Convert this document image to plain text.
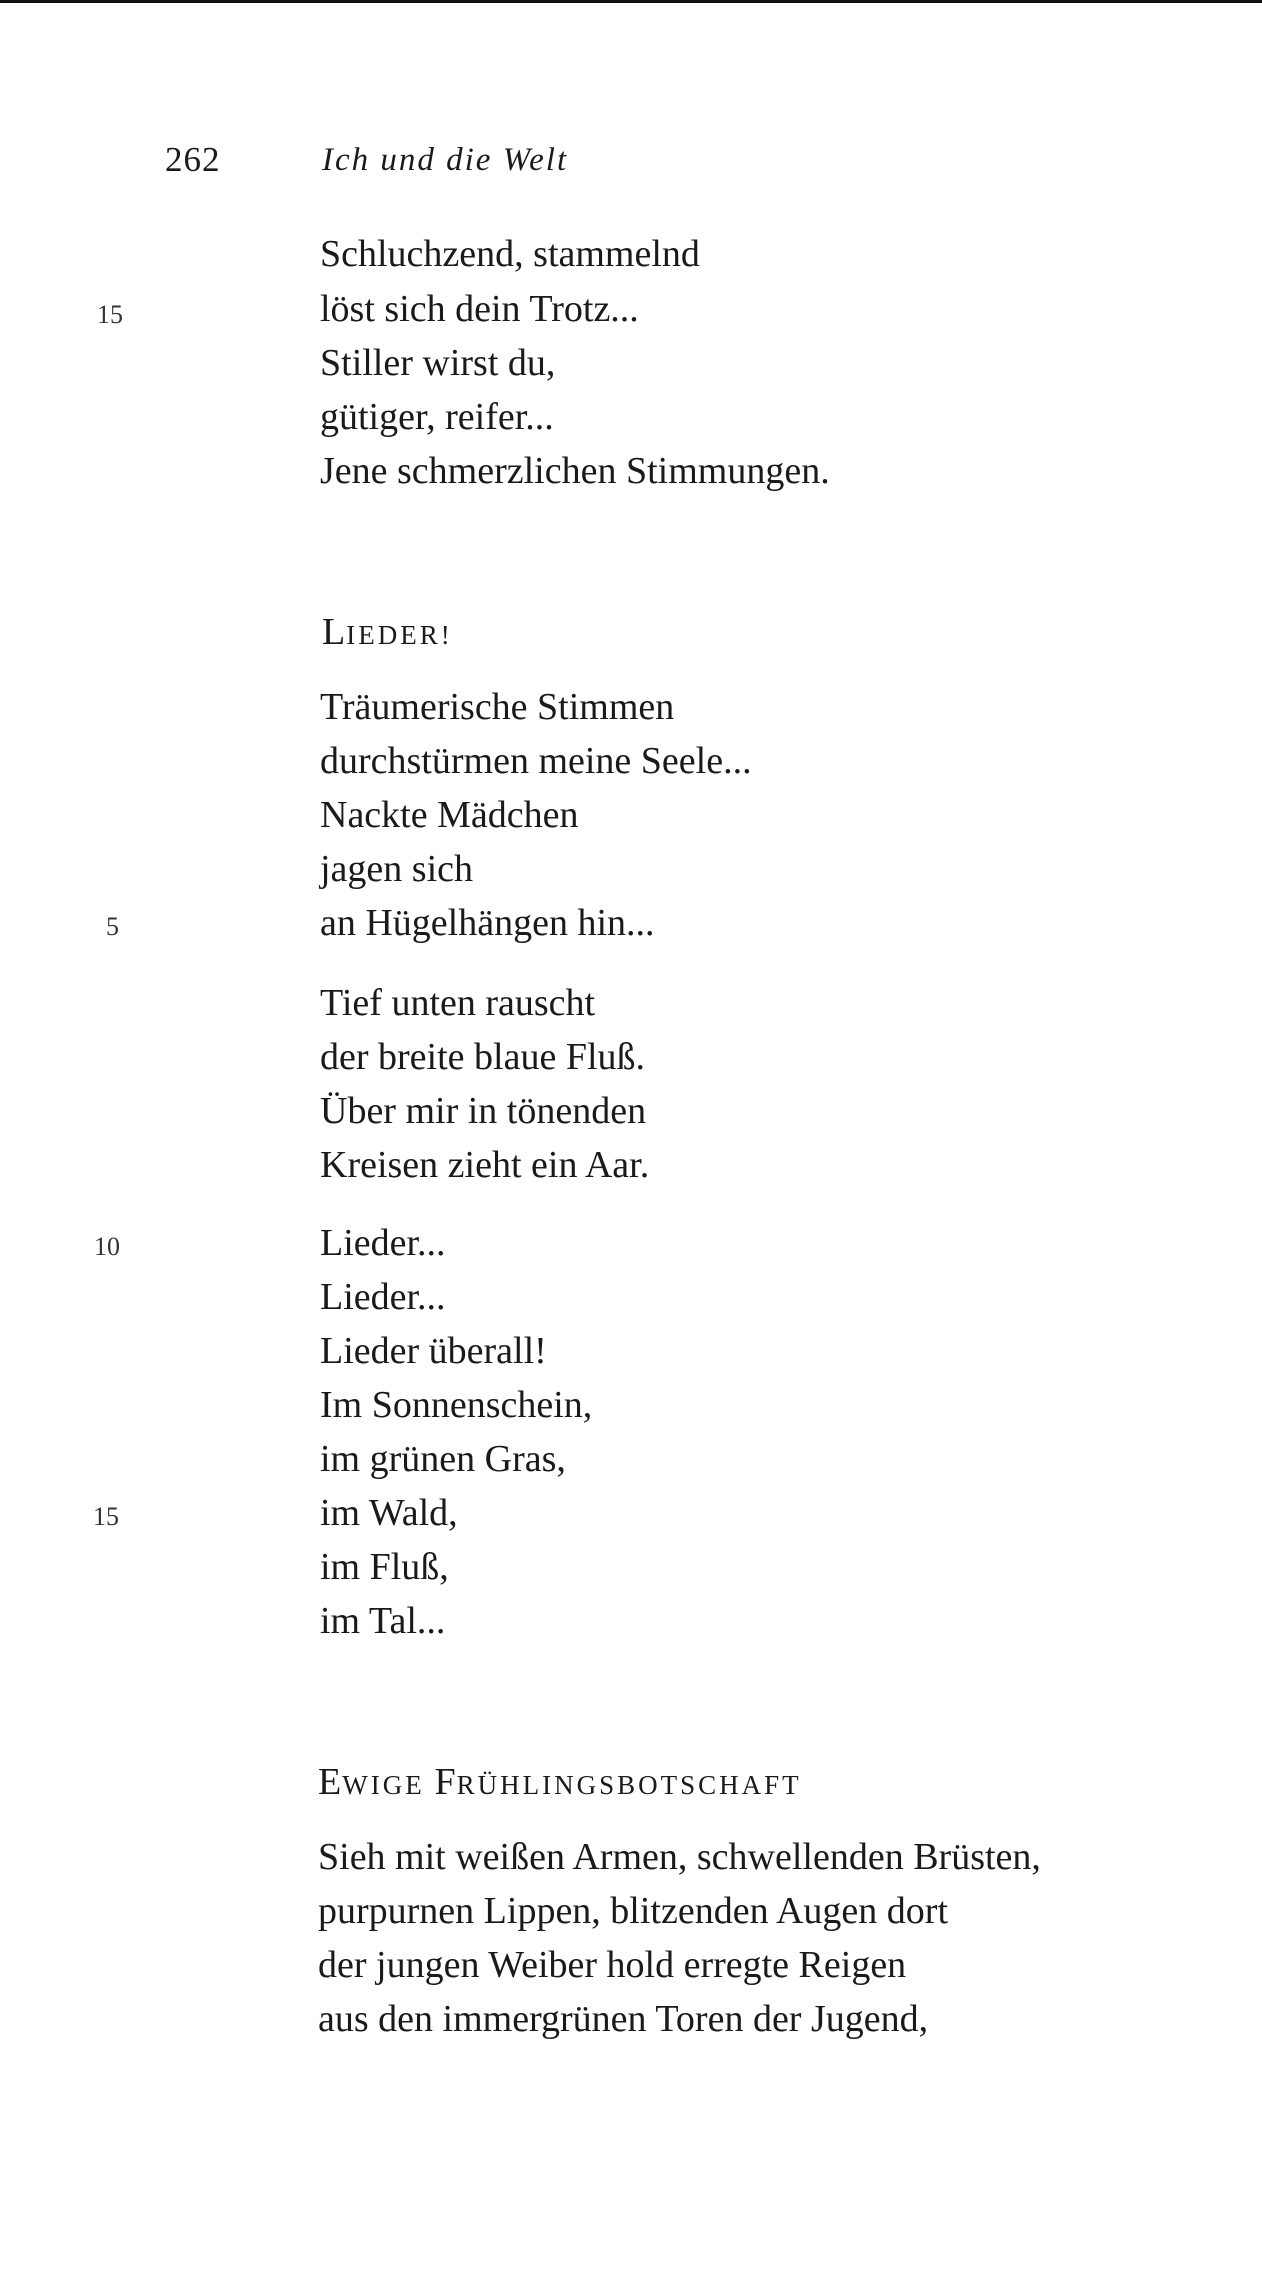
262	Ich und die Welt
Schluchzend, stammelnd
15	löst sich dein Trotz...
Stiller wirst du,
gütiger, reifer...
Jene schmerzlichen Stimmungen.
LIEDER!
Träumerische Stimmen
durchstürmen meine Seele...
Nackte Mädchen
jagen sich
5	an Hügelhängen hin...
Tief unten rauscht
der breite blaue Fluß.
Über mir in tönenden
Kreisen zieht ein Aar.
10	Lieder...
Lieder...
Lieder überall!
Im Sonnenschein,
im grünen Gras,
15	im Wald,
im Fluß,
im Tal...
EWIGE FRÜHLINGSBOTSCHAFT
Sieh mit weißen Armen, schwellenden Brüsten,
purpurnen Lippen, blitzenden Augen dort
der jungen Weiber hold erregte Reigen
aus den immergrünen Toren der Jugend,
